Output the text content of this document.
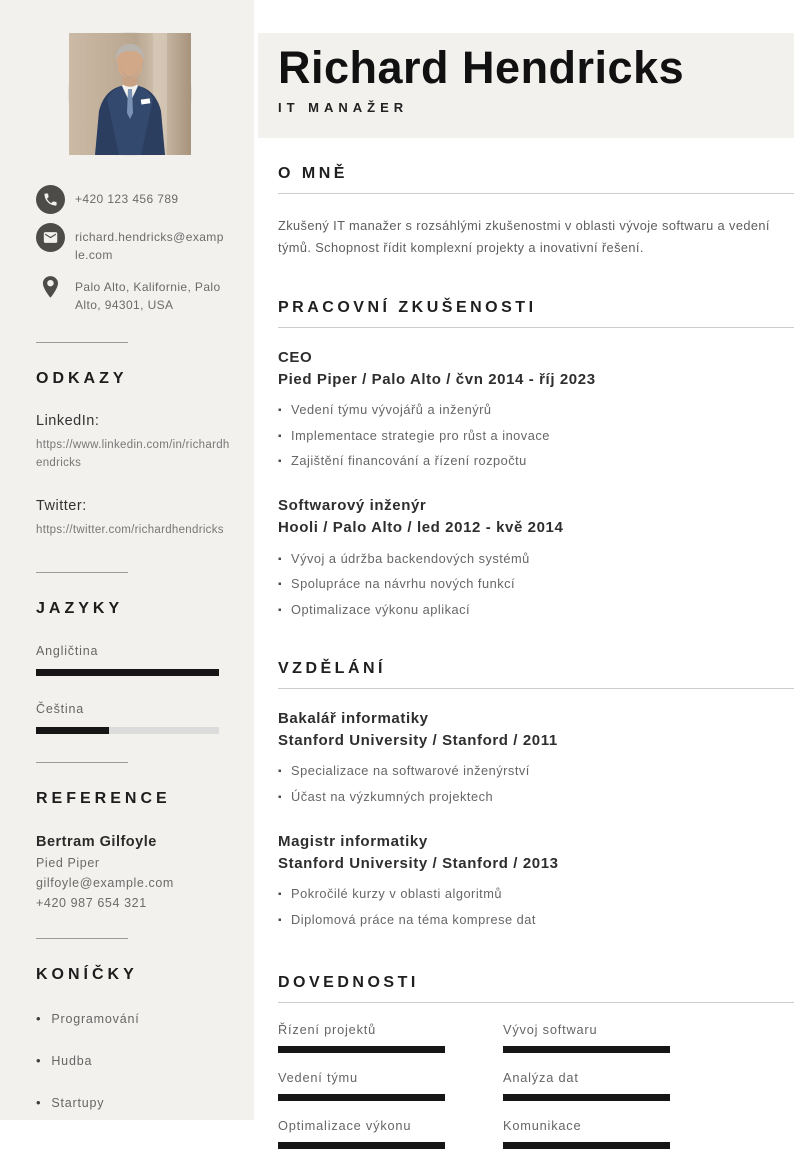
+420 123 456 789
richard.hendricks@example.com
Palo Alto, Kalifornie, Palo Alto, 94301, USA
ODKAZY
LinkedIn:
https://www.linkedin.com/in/richardhendricks
Twitter:
https://twitter.com/richardhendricks
JAZYKY
Angličtina
Čeština
REFERENCE
Bertram Gilfoyle
Pied Piper
gilfoyle@example.com
+420 987 654 321
KONÍČKY
• Programování
• Hudba
• Startupy
Richard Hendricks
IT MANAŽER
O MNĚ

Zkušený IT manažer s rozsáhlými zkušenostmi v oblasti vývoje softwaru a vedení týmů. Schopnost řídit komplexní projekty a inovativní řešení.

PRACOVNÍ ZKUŠENOSTI
CEO
Pied Piper / Palo Alto / čvn 2014 - říj 2023
▪ Vedení týmu vývojářů a inženýrů
▪ Implementace strategie pro růst a inovace
▪ Zajištění financování a řízení rozpočtu
Softwarový inženýr
Hooli / Palo Alto / led 2012 - kvě 2014
▪ Vývoj a údržba backendových systémů
▪ Spolupráce na návrhu nových funkcí
▪ Optimalizace výkonu aplikací
VZDĚLÁNÍ
Bakalář informatiky
Stanford University / Stanford / 2011
▪ Specializace na softwarové inženýrství
▪ Účast na výzkumných projektech
Magistr informatiky
Stanford University / Stanford / 2013
▪ Pokročilé kurzy v oblasti algoritmů
▪ Diplomová práce na téma komprese dat
DOVEDNOSTI
Řízení projektů	Vývoj softwaru
Vedení týmu	Analýza dat
Optimalizace výkonu	Komunikace
